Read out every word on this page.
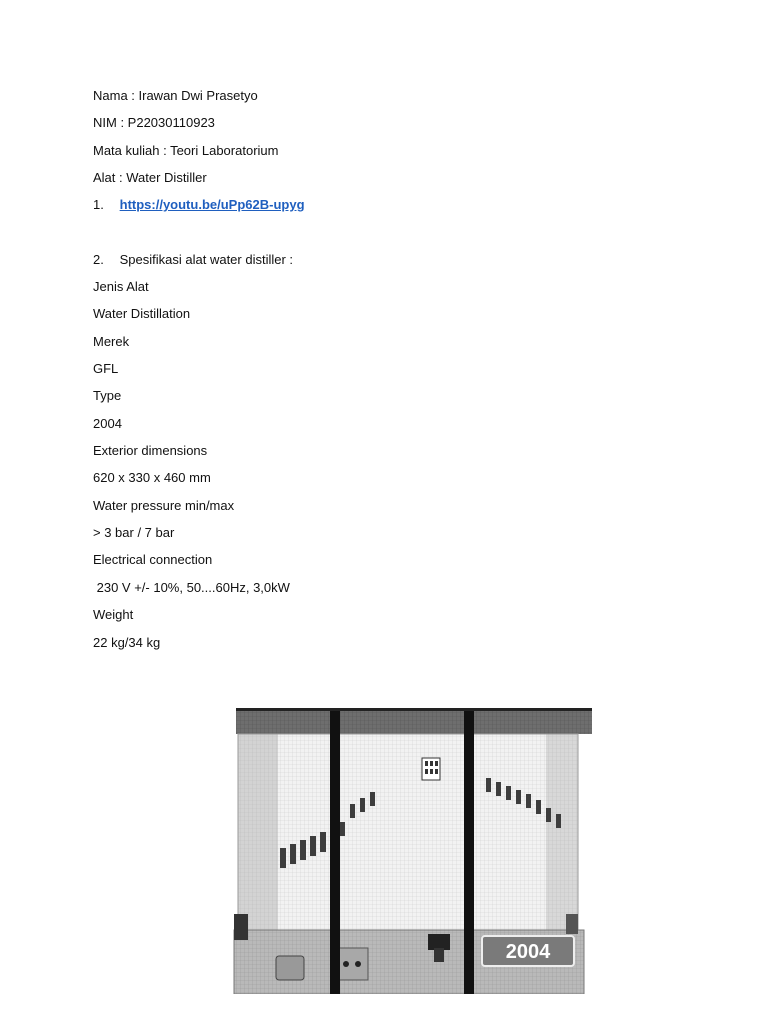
Nama : Irawan Dwi Prasetyo
NIM : P22030110923
Mata kuliah : Teori Laboratorium
Alat : Water Distiller
1. https://youtu.be/uPp62B-upyg
2. Spesifikasi alat water distiller :
Jenis Alat
Water Distillation
Merek
GFL
Type
2004
Exterior dimensions
620 x 330 x 460 mm
Water pressure min/max
> 3 bar / 7 bar
Electrical connection
230 V +/- 10%, 50....60Hz, 3,0kW
Weight
22 kg/34 kg
2004
